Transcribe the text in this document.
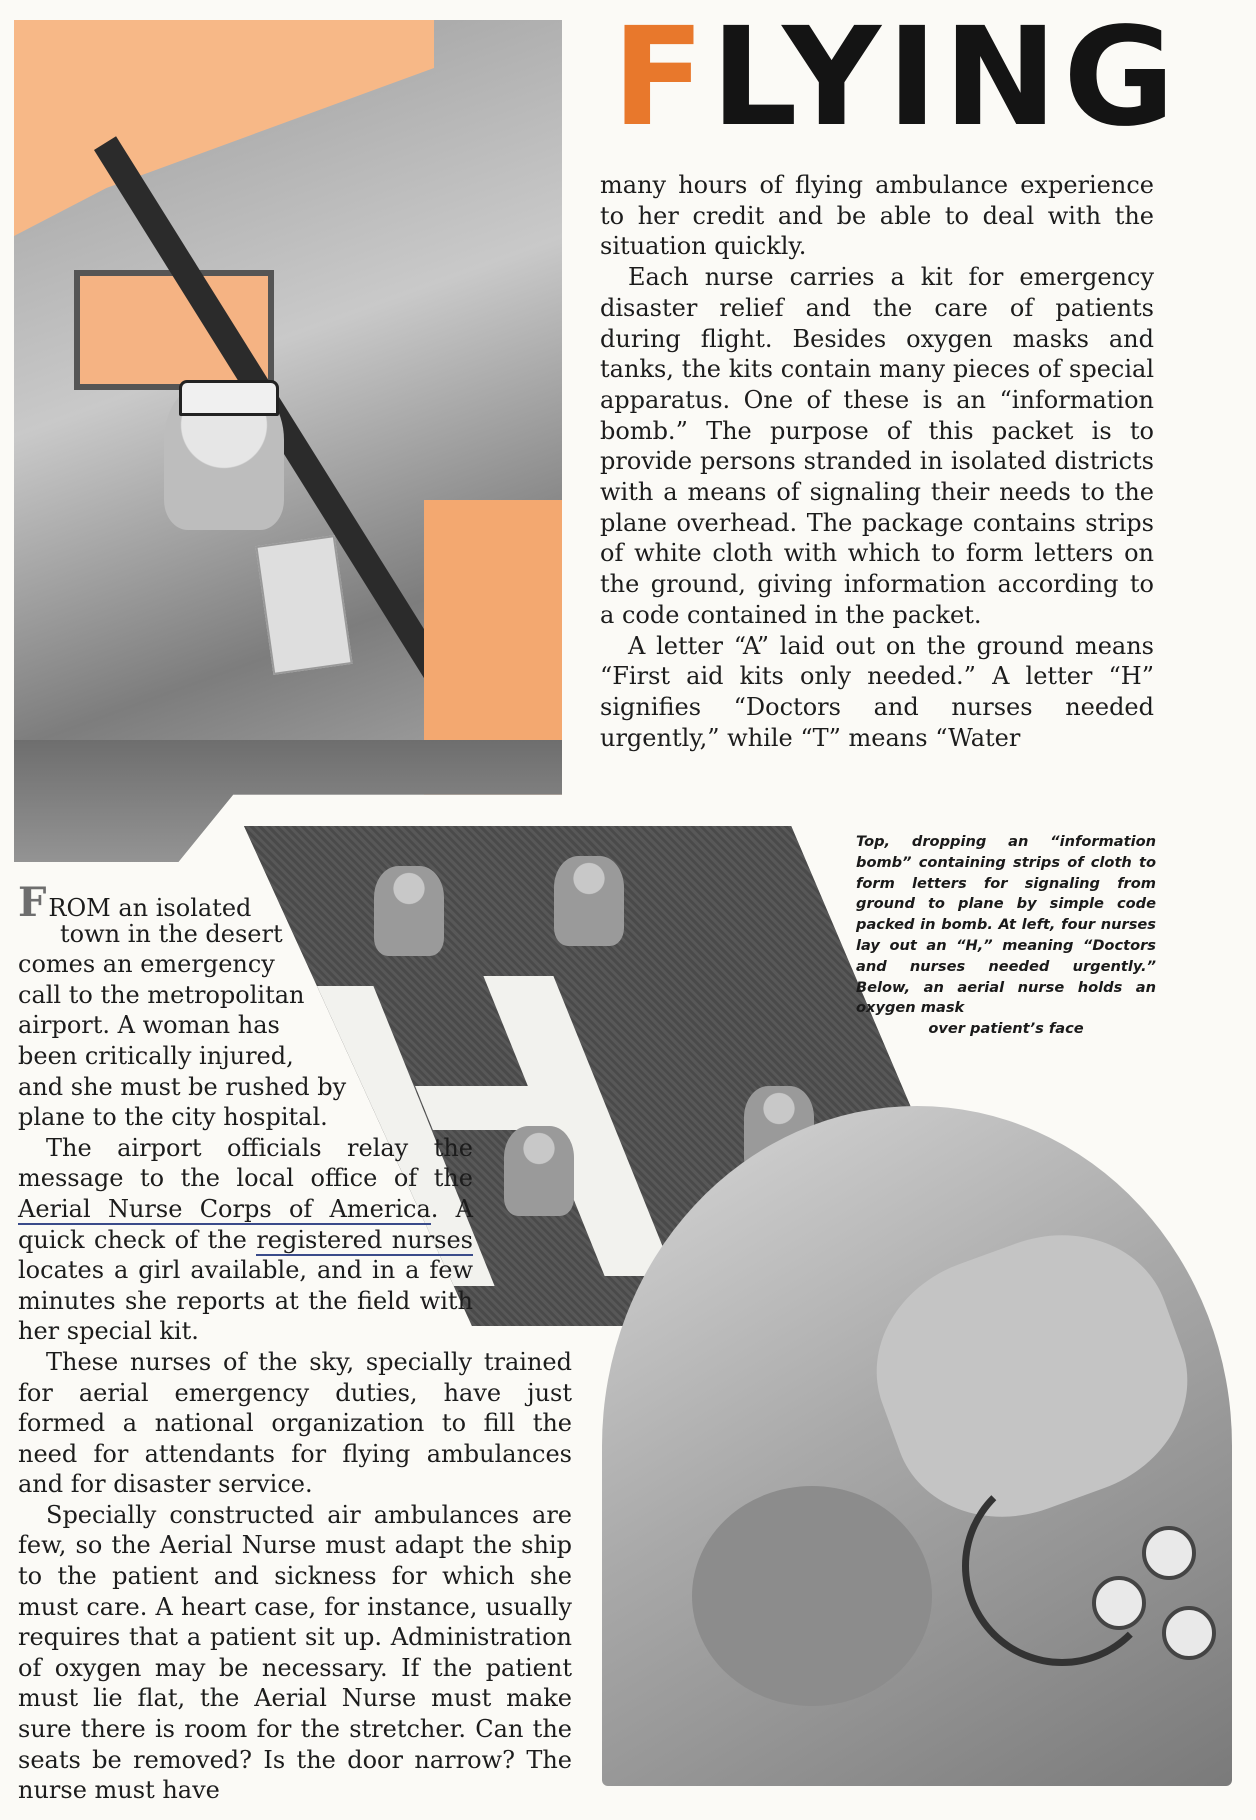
FLYING

many hours of flying ambulance experience to her credit and be able to deal with the situation quickly.

Each nurse carries a kit for emergency disaster relief and the care of patients during flight. Besides oxygen masks and tanks, the kits contain many pieces of special apparatus. One of these is an “information bomb.” The purpose of this packet is to provide persons stranded in isolated districts with a means of signaling their needs to the plane overhead. The package contains strips of white cloth with which to form letters on the ground, giving information according to a code contained in the packet.

A letter “A” laid out on the ground means “First aid kits only needed.” A letter “H” signifies “Doctors and nurses needed urgently,” while “T” means “Water

Top, dropping an “information bomb” containing strips of cloth to form letters for signaling from ground to plane by simple code packed in bomb. At left, four nurses lay out an “H,” meaning “Doctors and nurses needed urgently.” Below, an aerial nurse holds an oxygen mask
over patient’s face
FROM an isolated
town in the desert
comes an emergency
call to the metropolitan
airport. A woman has
been critically injured,
and she must be rushed by
plane to the city hospital.

The airport officials relay the message to the local office of the Aerial Nurse Corps of America. A quick check of the registered nurses locates a girl available, and in a few minutes she reports at the field with her special kit.

These nurses of the sky, specially trained for aerial emergency duties, have just formed a national organization to fill the need for attendants for flying ambulances and for disaster service.

Specially constructed air ambulances are few, so the Aerial Nurse must adapt the ship to the patient and sickness for which she must care. A heart case, for instance, usually requires that a patient sit up. Administration of oxygen may be necessary. If the patient must lie flat, the Aerial Nurse must make sure there is room for the stretcher. Can the seats be removed? Is the door narrow? The nurse must have
